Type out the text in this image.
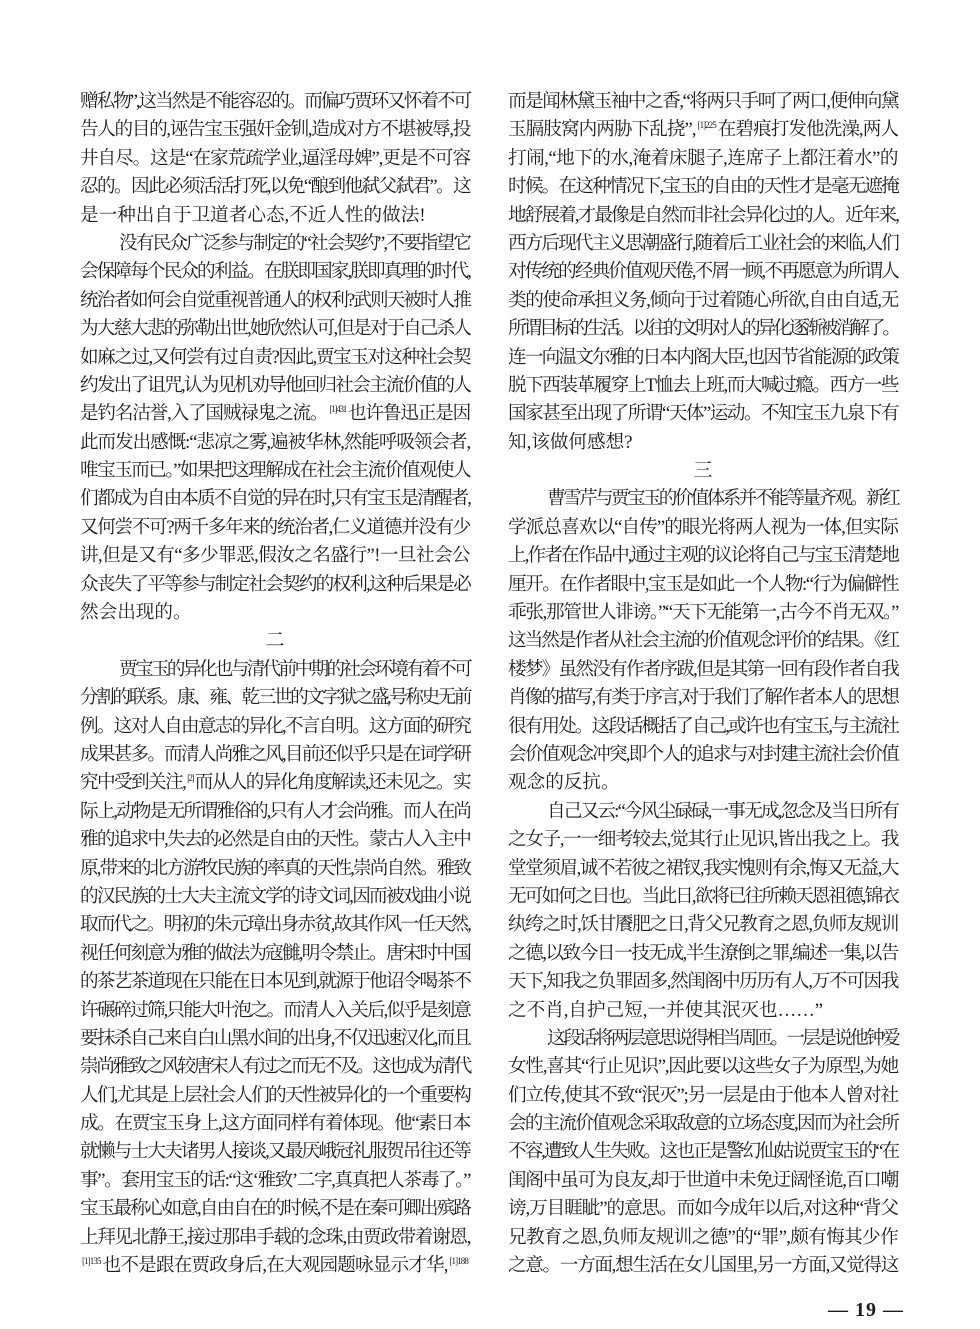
赠私物”,这当然是不能容忍的。而偏巧贾环又怀着不可
告人的目的,诬告宝玉强奸金钏,造成对方不堪被辱,投
井自尽。这是“在家荒疏学业,逼淫母婢”,更是不可容
忍的。因此必须活活打死,以免“酿到他弑父弑君”。这
是一种出自于卫道者心态,不近人性的做法!
没有民众广泛参与制定的“社会契约”,不要指望它
会保障每个民众的利益。在朕即国家,朕即真理的时代,
统治者如何会自觉重视普通人的权利?武则天被时人推
为大慈大悲的弥勒出世,她欣然认可,但是对于自己杀人
如麻之过,又何尝有过自责?因此,贾宝玉对这种社会契
约发出了诅咒,认为见机劝导他回归社会主流价值的人
是钓名沽誉,入了国贼禄鬼之流。 $^{[1]431}$ 也许鲁迅正是因
此而发出感慨:“悲凉之雾,遍被华林,然能呼吸领会者,
唯宝玉而已。”如果把这理解成在社会主流价值观使人
们都成为自由本质不自觉的异在时,只有宝玉是清醒者,
又何尝不可?两千多年来的统治者,仁义道德并没有少
讲,但是又有“多少罪恶,假汝之名盛行”!一旦社会公
众丧失了平等参与制定社会契约的权利,这种后果是必
然会出现的。
二
贾宝玉的异化也与清代前中期的社会环境有着不可
分割的联系。康、雍、乾三世的文字狱之盛,号称史无前
例。这对人自由意志的异化,不言自明。这方面的研究
成果甚多。而清人尚雅之风,目前还似乎只是在词学研
究中受到关注, [2] 而从人的异化角度解读,还未见之。实
际上,动物是无所谓雅俗的,只有人才会尚雅。而人在尚
雅的追求中,失去的必然是自由的天性。蒙古人入主中
原,带来的北方游牧民族的率真的天性,崇尚自然。雅致
的汉民族的士大夫主流文学的诗文词,因而被戏曲小说
取而代之。明初的朱元璋出身赤贫,故其作风一任天然,
视任何刻意为雅的做法为寇雠,明令禁止。唐宋时中国
的茶艺茶道现在只能在日本见到,就源于他诏令喝茶不
许碾碎过筛,只能大叶泡之。而清人入关后,似乎是刻意
要抹杀自己来自白山黑水间的出身,不仅迅速汉化,而且
崇尚雅致之风较唐宋人有过之而无不及。这也成为清代
人们,尤其是上层社会人们的天性被异化的一个重要构
成。在贾宝玉身上,这方面同样有着体现。他“素日本
就懒与士大夫诸男人接谈,又最厌峨冠礼服贺吊往还等
事”。套用宝玉的话:“这‘雅致’二字,真真把人茶毒了。”
宝玉最称心如意,自由自在的时候,不是在秦可卿出殡路
上拜见北静王,接过那串手载的念珠,由贾政带着谢恩,
$^{[1]135}$ 也不是跟在贾政身后,在大观园题咏显示才华, $^{[1]188}$
而是闻林黛玉袖中之香,“将两只手呵了两口,便伸向黛
玉膈肢窝内两胁下乱挠”, $^{[1]225}$ 在碧痕打发他洗澡,两人
打闹,“地下的水,淹着床腿子,连席子上都汪着水”的
时候。在这种情况下,宝玉的自由的天性才是毫无遮掩
地舒展着,才最像是自然而非社会异化过的人。近年来,
西方后现代主义思潮盛行,随着后工业社会的来临,人们
对传统的经典价值观厌倦,不屑一顾,不再愿意为所谓人
类的使命承担义务,倾向于过着随心所欲,自由自适,无
所谓目标的生活。以往的文明对人的异化逐渐被消解了。
连一向温文尔雅的日本内阁大臣,也因节省能源的政策
脱下西装革履穿上T恤去上班,而大喊过瘾。西方一些
国家甚至出现了所谓“天体”运动。不知宝玉九泉下有
知,该做何感想?
三
曹雪芹与贾宝玉的价值体系并不能等量齐观。新红
学派总喜欢以“自传”的眼光将两人视为一体,但实际
上,作者在作品中,通过主观的议论将自己与宝玉清楚地
厘开。在作者眼中,宝玉是如此一个人物:“行为偏僻性
乖张,那管世人诽谤。”“天下无能第一,古今不肖无双。”
这当然是作者从社会主流的价值观念评价的结果。《红
楼梦》虽然没有作者序跋,但是其第一回有段作者自我
肖像的描写,有类于序言,对于我们了解作者本人的思想
很有用处。这段话概括了自己,或许也有宝玉,与主流社
会价值观念冲突,即个人的追求与对封建主流社会价值
观念的反抗。
自己又云:“今风尘碌碌,一事无成,忽念及当日所有
之女子,一一细考较去,觉其行止见识,皆出我之上。我
堂堂须眉,诚不若彼之裙钗,我实愧则有余,悔又无益,大
无可如何之日也。当此日,欲将已往所赖天恩祖德,锦衣
纨绔之时,饫甘餍肥之日,背父兄教育之恩,负师友规训
之德,以致今日一技无成,半生潦倒之罪,编述一集,以告
天下,知我之负罪固多,然闺阁中历历有人,万不可因我
之不肖,自护己短,一并使其泯灭也……”
这段话将两层意思说得相当周匝。一层是说他钟爱
女性,喜其“行止见识”,因此要以这些女子为原型,为她
们立传,使其不致“泯灭”;另一层是由于他本人曾对社
会的主流价值观念采取敌意的立场态度,因而为社会所
不容,遭致人生失败。这也正是警幻仙姑说贾宝玉的“在
闺阁中虽可为良友,却于世道中未免迂阔怪诡,百口嘲
谤,万目睚眦”的意思。而如今成年以后,对这种“背父
兄教育之恩,负师友规训之德”的“罪”,颇有悔其少作
之意。一方面,想生活在女儿国里,另一方面,又觉得这
— 19 —
